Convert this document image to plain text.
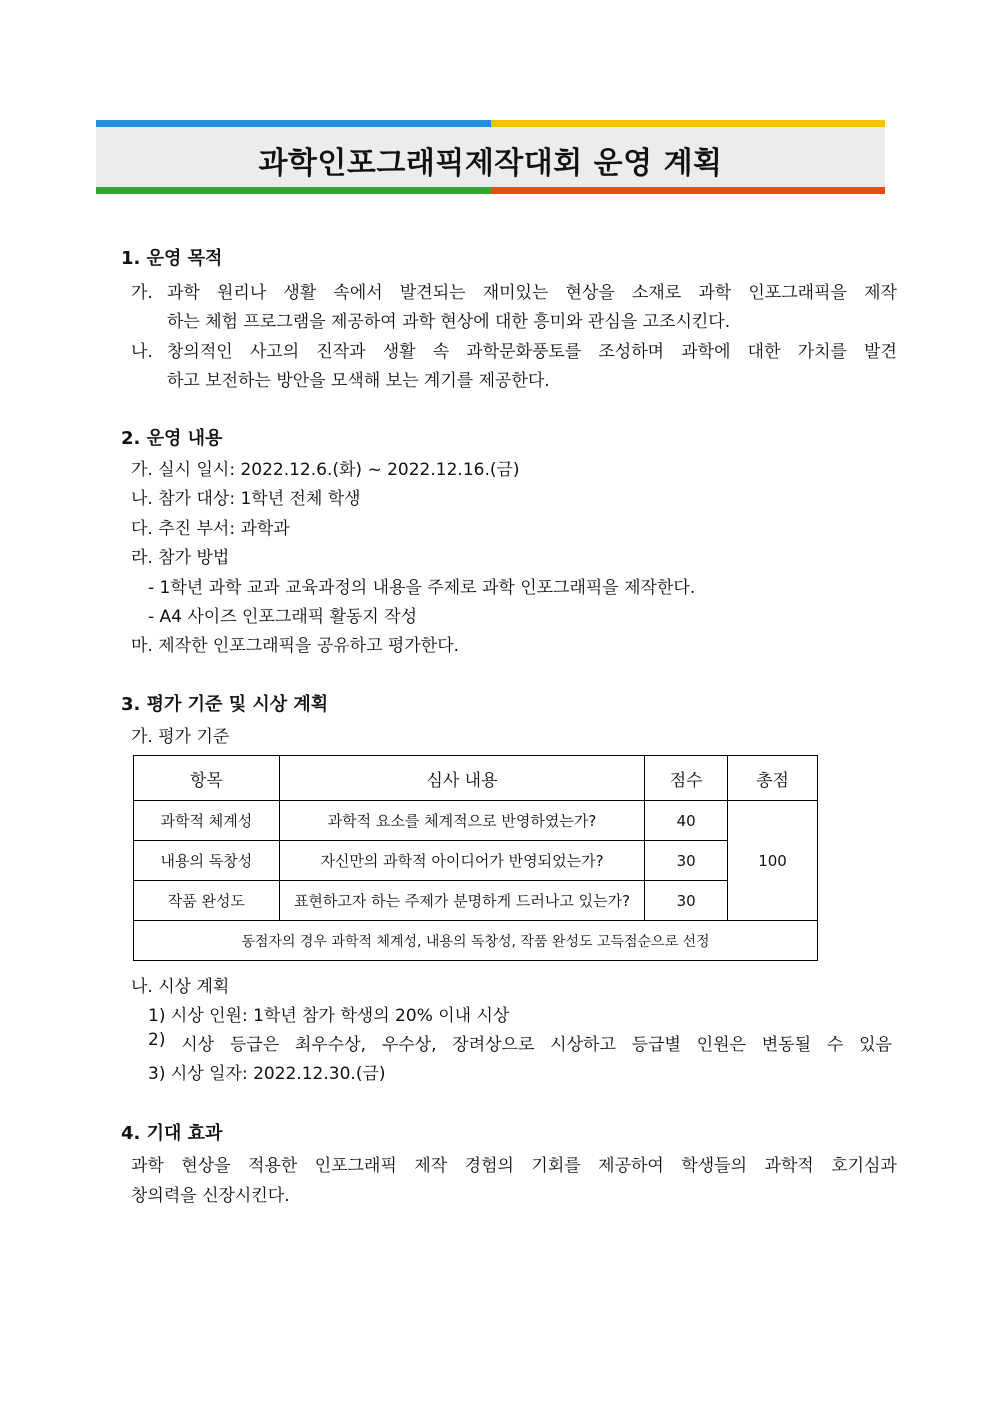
과학인포그래픽제작대회 운영 계획
1. 운영 목적
가. 과학 원리나 생활 속에서 발견되는 재미있는 현상을 소재로 과학 인포그래픽을 제작
하는 체험 프로그램을 제공하여 과학 현상에 대한 흥미와 관심을 고조시킨다.
나. 창의적인 사고의 진작과 생활 속 과학문화풍토를 조성하며 과학에 대한 가치를 발견
하고 보전하는 방안을 모색해 보는 계기를 제공한다.
2. 운영 내용
가. 실시 일시: 2022.12.6.(화) ~ 2022.12.16.(금)
나. 참가 대상: 1학년 전체 학생
다. 추진 부서: 과학과
라. 참가 방법
- 1학년 과학 교과 교육과정의 내용을 주제로 과학 인포그래픽을 제작한다.
- A4 사이즈 인포그래픽 활동지 작성
마. 제작한 인포그래픽을 공유하고 평가한다.
3. 평가 기준 및 시상 계획
가. 평가 기준
항목	심사 내용	점수	총점
과학적 체계성	과학적 요소를 체계적으로 반영하였는가?	40	100
내용의 독창성	자신만의 과학적 아이디어가 반영되었는가?	30	
작품 완성도	표현하고자 하는 주제가 분명하게 드러나고 있는가?	30	
동점자의 경우 과학적 체계성, 내용의 독창성, 작품 완성도 고득점순으로 선정			
나. 시상 계획
1) 시상 인원: 1학년 참가 학생의 20% 이내 시상
2) 시상 등급은 최우수상, 우수상, 장려상으로 시상하고 등급별 인원은 변동될 수 있음
3) 시상 일자: 2022.12.30.(금)
4. 기대 효과
과학 현상을 적용한 인포그래픽 제작 경험의 기회를 제공하여 학생들의 과학적 호기심과
창의력을 신장시킨다.
